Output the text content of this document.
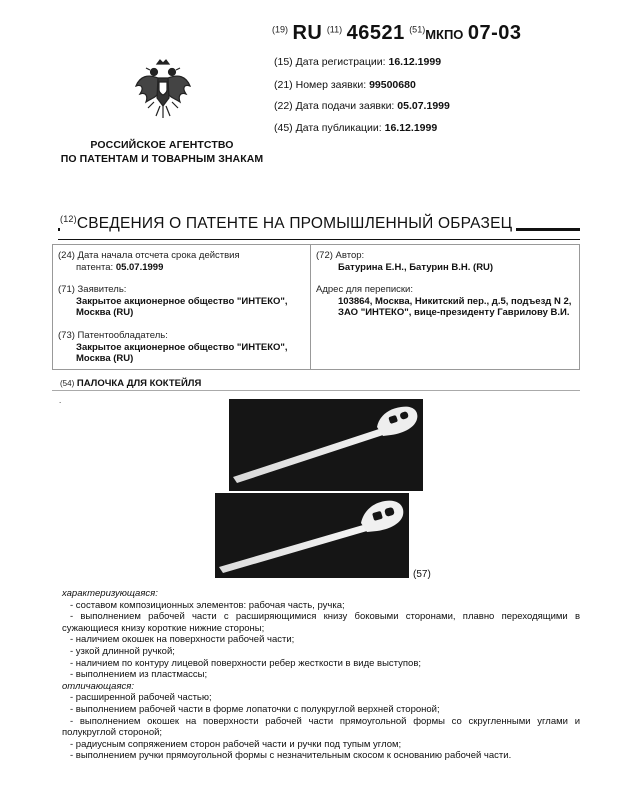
РОССИЙСКОЕ АГЕНТСТВО
ПО ПАТЕНТАМ И ТОВАРНЫМ ЗНАКАМ
$^{(19)}$ RU $^{(11)}$ 46521 $^{(51)}$МКПО 07-03
(15) Дата регистрации: 16.12.1999
(21) Номер заявки: 99500680
(22) Дата подачи заявки: 05.07.1999
(45) Дата публикации: 16.12.1999
$^{(12)}$СВЕДЕНИЯ О ПАТЕНТЕ НА ПРОМЫШЛЕННЫЙ ОБРАЗЕЦ
(24) Дата начала отсчета срока действия
патента: 05.07.1999
(71) Заявитель:
Закрытое акционерное общество "ИНТЕКО",
Москва (RU)
(73) Патентообладатель:
Закрытое акционерное общество "ИНТЕКО",
Москва (RU)
(72) Автор:
Батурина Е.Н., Батурин В.Н. (RU)
Адрес для переписки:
103864, Москва, Никитский пер., д.5, подъезд N 2,
ЗАО "ИНТЕКО", вице-президенту Гаврилову В.И.
(54) ПАЛОЧКА ДЛЯ КОКТЕЙЛЯ
.
(57)
характеризующаяся:
- составом композиционных элементов: рабочая часть, ручка;
- выполнением рабочей части с расширяющимися книзу боковыми сторонами, плавно переходящими в
сужающиеся книзу короткие нижние стороны;
- наличием окошек на поверхности рабочей части;
- узкой длинной ручкой;
- наличием по контуру лицевой поверхности ребер жесткости в виде выступов;
- выполнением из пластмассы;
отличающаяся:
- расширенной рабочей частью;
- выполнением рабочей части в форме лопаточки с полукруглой верхней стороной;
- выполнением окошек на поверхности рабочей части прямоугольной формы со скругленными углами и
полукруглой стороной;
- радиусным сопряжением сторон рабочей части и ручки под тупым углом;
- выполнением ручки прямоугольной формы с незначительным скосом к основанию рабочей части.
